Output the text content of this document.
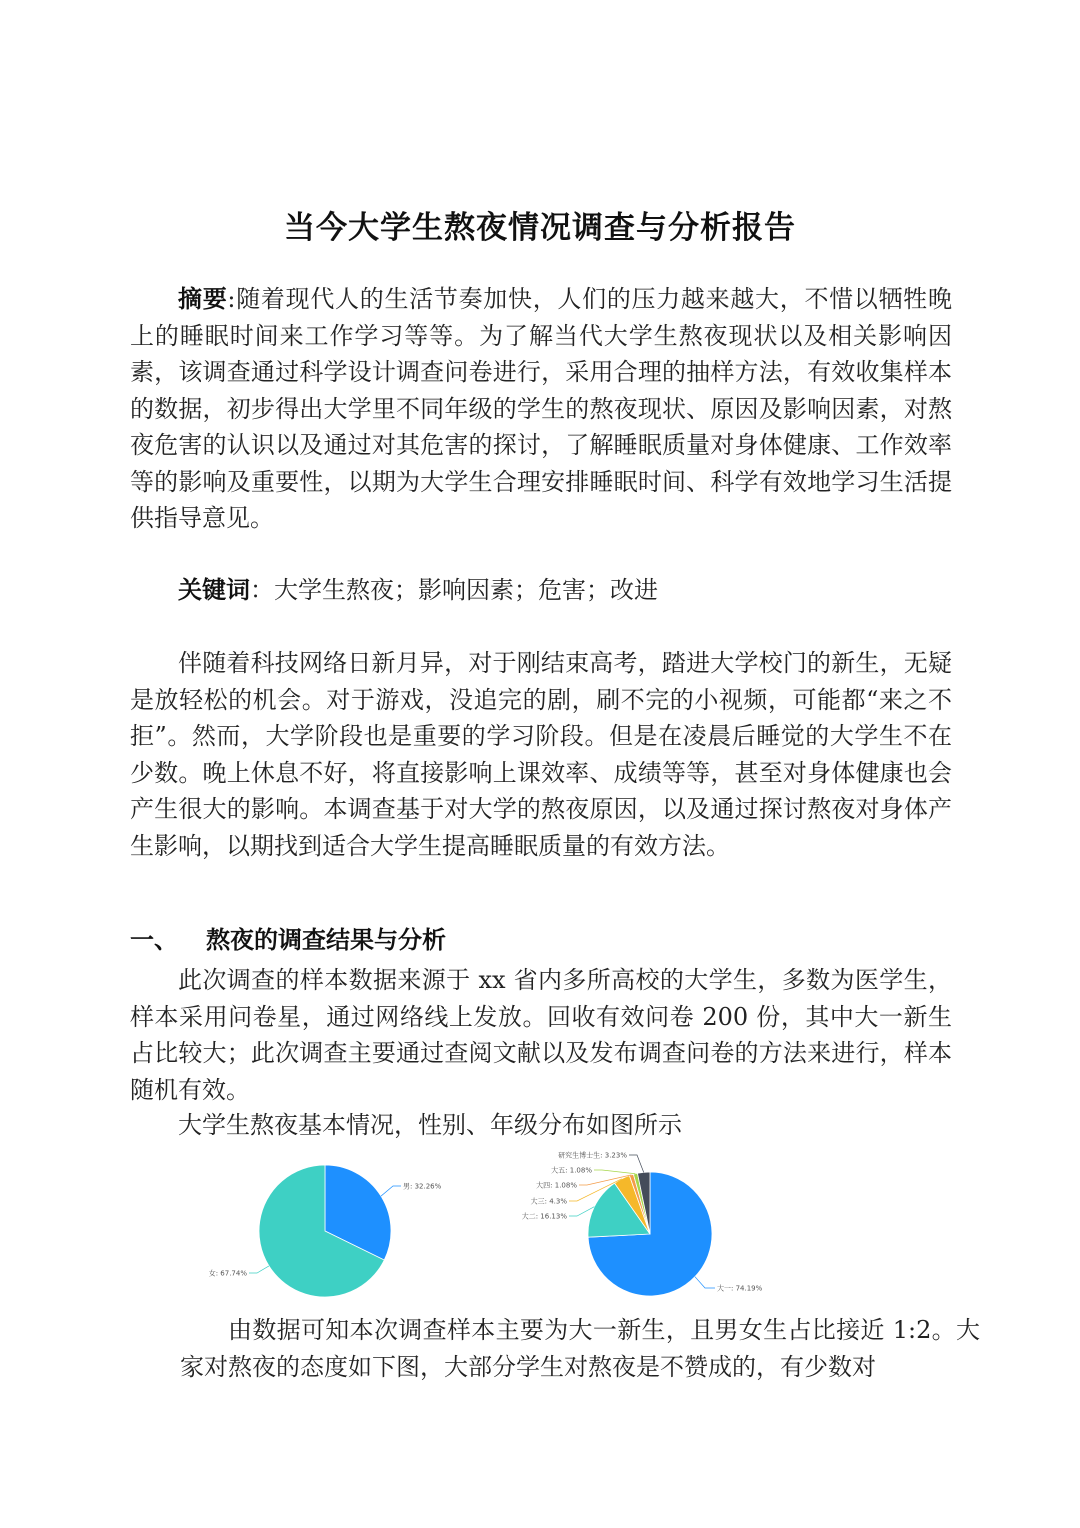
当今大学生熬夜情况调查与分析报告

摘要:随着现代人的生活节奏加快，人们的压力越来越大，不惜以牺牲晚上的睡眠时间来工作学习等等。为了解当代大学生熬夜现状以及相关影响因素，该调查通过科学设计调查问卷进行，采用合理的抽样方法，有效收集样本的数据，初步得出大学里不同年级的学生的熬夜现状、原因及影响因素，对熬夜危害的认识以及通过对其危害的探讨，了解睡眠质量对身体健康、工作效率等的影响及重要性，以期为大学生合理安排睡眠时间、科学有效地学习生活提供指导意见。

关键词：大学生熬夜；影响因素；危害；改进

伴随着科技网络日新月异，对于刚结束高考，踏进大学校门的新生，无疑是放轻松的机会。对于游戏，没追完的剧，刷不完的小视频，可能都“来之不拒”。然而，大学阶段也是重要的学习阶段。但是在凌晨后睡觉的大学生不在少数。晚上休息不好，将直接影响上课效率、成绩等等，甚至对身体健康也会产生很大的影响。本调查基于对大学的熬夜原因，以及通过探讨熬夜对身体产生影响，以期找到适合大学生提高睡眠质量的有效方法。

一、 熬夜的调查结果与分析

此次调查的样本数据来源于 xx 省内多所高校的大学生，多数为医学生，样本采用问卷星，通过网络线上发放。回收有效问卷 200 份，其中大一新生占比较大；此次调查主要通过查阅文献以及发布调查问卷的方法来进行，样本随机有效。

大学生熬夜基本情况，性别、年级分布如图所示

男: 32.26%
女: 67.74%
大一: 74.19%
大二: 16.13%
大三: 4.3%
大四: 1.08%
大五: 1.08%
研究生博士生: 3.23%

由数据可知本次调查样本主要为大一新生，且男女生占比接近 1:2。大家对熬夜的态度如下图，大部分学生对熬夜是不赞成的，有少数对
